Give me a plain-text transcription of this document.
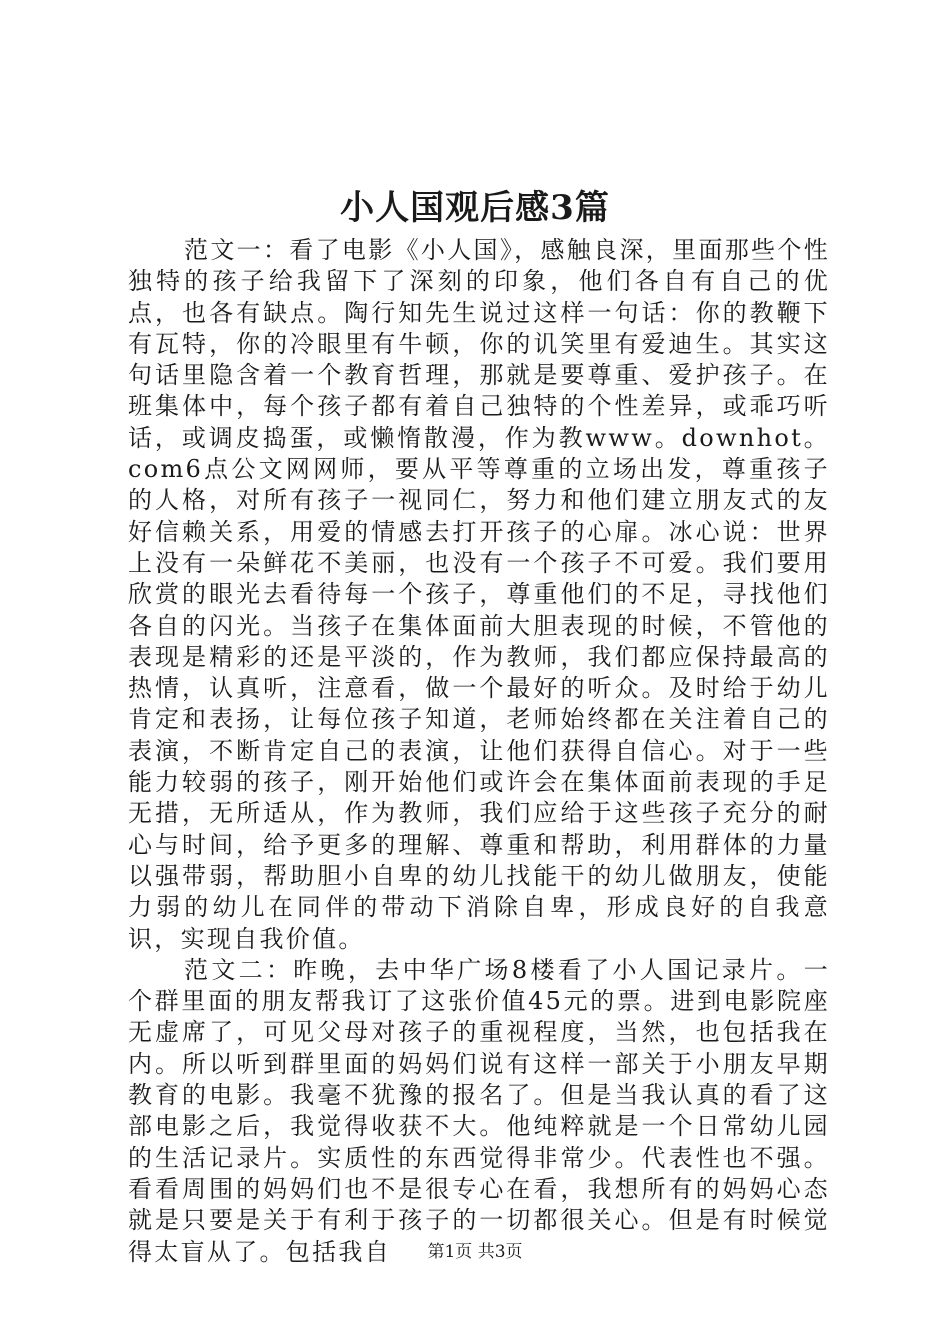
小人国观后感3篇

范文一：看了电影《小人国》，感触良深，里面那些个性独特的孩子给我留下了深刻的印象，他们各自有自己的优点，也各有缺点。陶行知先生说过这样一句话：你的教鞭下有瓦特，你的冷眼里有牛顿，你的讥笑里有爱迪生。其实这句话里隐含着一个教育哲理，那就是要尊重、爱护孩子。在班集体中，每个孩子都有着自己独特的个性差异，或乖巧听话，或调皮捣蛋，或懒惰散漫，作为教www。downhot。com6点公文网网师，要从平等尊重的立场出发，尊重孩子的人格，对所有孩子一视同仁，努力和他们建立朋友式的友好信赖关系，用爱的情感去打开孩子的心扉。冰心说：世界上没有一朵鲜花不美丽，也没有一个孩子不可爱。我们要用欣赏的眼光去看待每一个孩子，尊重他们的不足，寻找他们各自的闪光。当孩子在集体面前大胆表现的时候，不管他的表现是精彩的还是平淡的，作为教师，我们都应保持最高的热情，认真听，注意看，做一个最好的听众。及时给于幼儿肯定和表扬，让每位孩子知道，老师始终都在关注着自己的表演，不断肯定自己的表演，让他们获得自信心。对于一些能力较弱的孩子，刚开始他们或许会在集体面前表现的手足无措，无所适从，作为教师，我们应给于这些孩子充分的耐心与时间，给予更多的理解、尊重和帮助，利用群体的力量以强带弱，帮助胆小自卑的幼儿找能干的幼儿做朋友，使能力弱的幼儿在同伴的带动下消除自卑，形成良好的自我意识，实现自我价值。

范文二：昨晚，去中华广场8楼看了小人国记录片。一个群里面的朋友帮我订了这张价值45元的票。进到电影院座无虚席了，可见父母对孩子的重视程度，当然，也包括我在内。所以听到群里面的妈妈们说有这样一部关于小朋友早期教育的电影。我毫不犹豫的报名了。但是当我认真的看了这部电影之后，我觉得收获不大。他纯粹就是一个日常幼儿园的生活记录片。实质性的东西觉得非常少。代表性也不强。看看周围的妈妈们也不是很专心在看，我想所有的妈妈心态就是只要是关于有利于孩子的一切都很关心。但是有时候觉得太盲从了。包括我自	第1页 共3页
